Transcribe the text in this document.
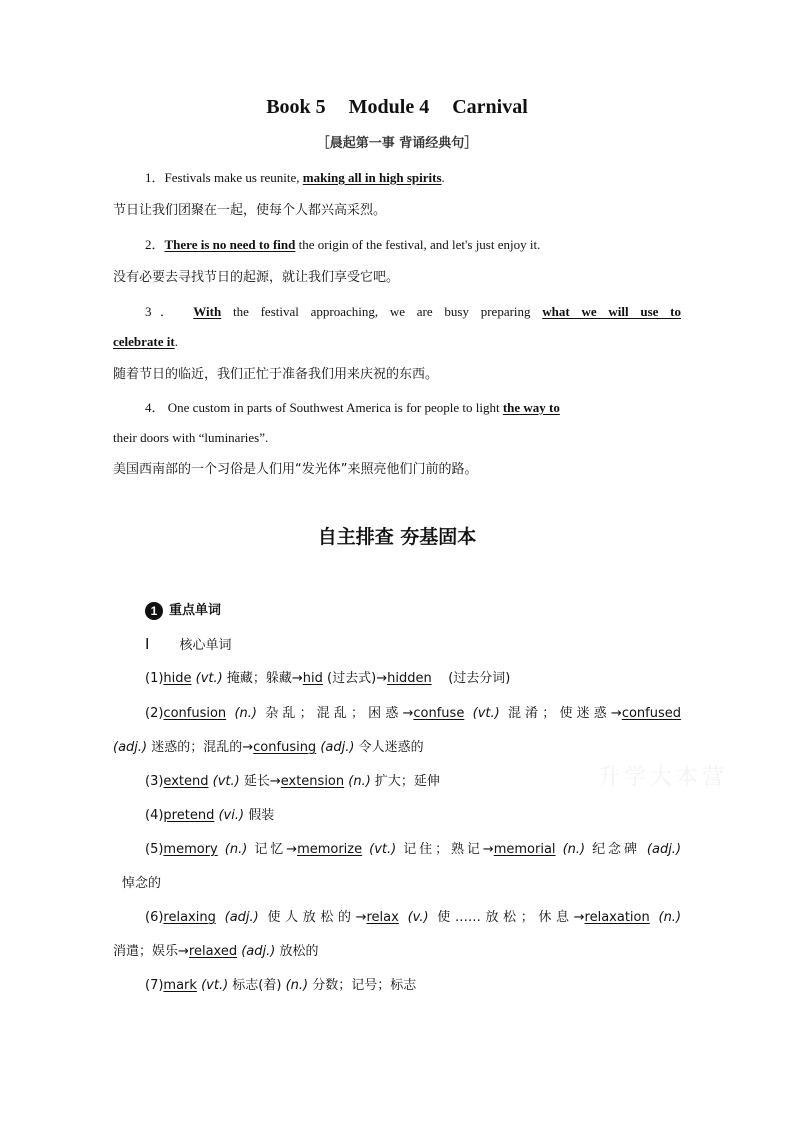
Book 5 Module 4 Carnival
［晨起第一事 背诵经典句］
1．Festivals make us reunite, making all in high spirits.
节日让我们团聚在一起，使每个人都兴高采烈。
2．There is no need to find the origin of the festival, and let's just enjoy it.
没有必要去寻找节日的起源，就让我们享受它吧。
3． With the festival approaching, we are busy preparing what we will use to
celebrate it.
随着节日的临近，我们正忙于准备我们用来庆祝的东西。
4． One custom in parts of Southwest America is for people to light the way to
their doors with “luminaries”.
美国西南部的一个习俗是人们用“发光体”来照亮他们门前的路。
自主排查 夯基固本
1 重点单词
Ⅰ 核心单词
(1)hide (vt.) 掩藏；躲藏→hid (过去式)→hidden (过去分词)
(2)confusion (n.) 杂乱；混乱；困惑→confuse (vt.) 混淆；使迷惑→confused
(adj.) 迷惑的；混乱的→confusing (adj.) 令人迷惑的
(3)extend (vt.) 延长→extension (n.) 扩大；延伸
(4)pretend (vi.) 假装
(5)memory (n.) 记忆→memorize (vt.) 记住；熟记→memorial (n.) 纪念碑 (adj.)
悼念的
(6)relaxing (adj.) 使人放松的→relax (v.) 使……放松；休息→relaxation (n.)
消遣；娱乐→relaxed (adj.) 放松的
(7)mark (vt.) 标志(着) (n.) 分数；记号；标志
升学大本营
